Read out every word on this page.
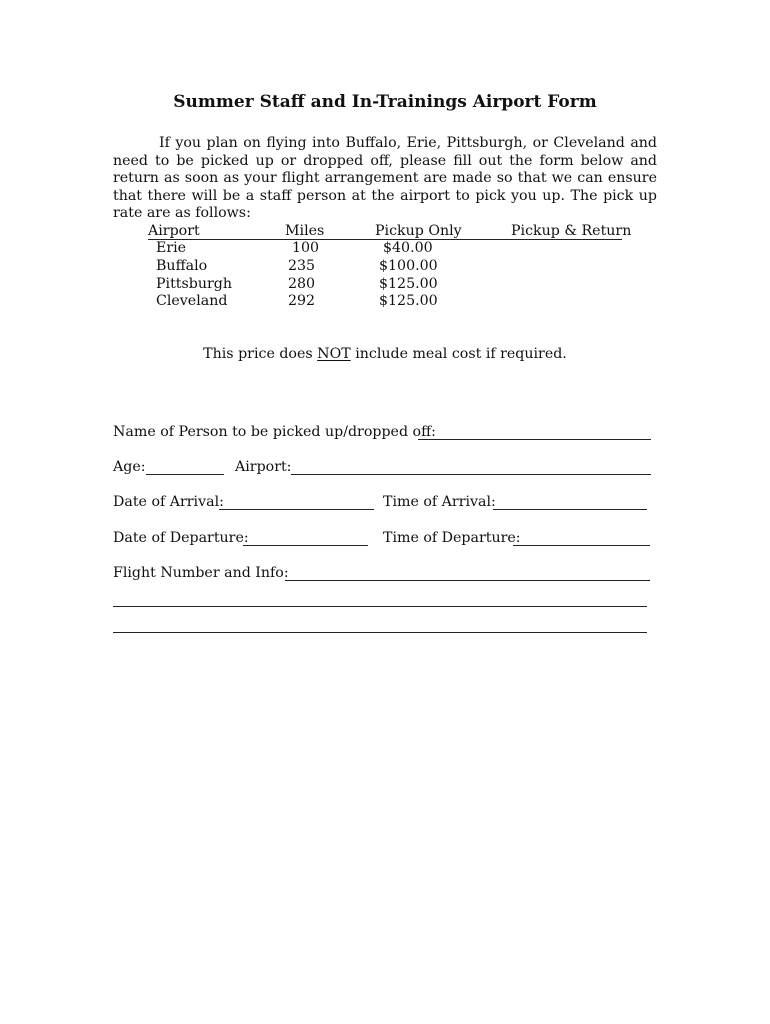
Summer Staff and In-Trainings Airport Form
If you plan on flying into Buffalo, Erie, Pittsburgh, or Cleveland and need to be picked up or dropped off, please fill out the form below and return as soon as your flight arrangement are made so that we can ensure that there will be a staff person at the airport to pick you up. The pick up rate are as follows:
Airport	Miles	Pickup Only	Pickup & Return
Erie	100	$40.00
Buffalo	235	$100.00
Pittsburgh	280	$125.00
Cleveland	292	$125.00
This price does NOT include meal cost if required.
Name of Person to be picked up/dropped off:
Age:	Airport:
Date of Arrival:	Time of Arrival:
Date of Departure:	Time of Departure:
Flight Number and Info:
